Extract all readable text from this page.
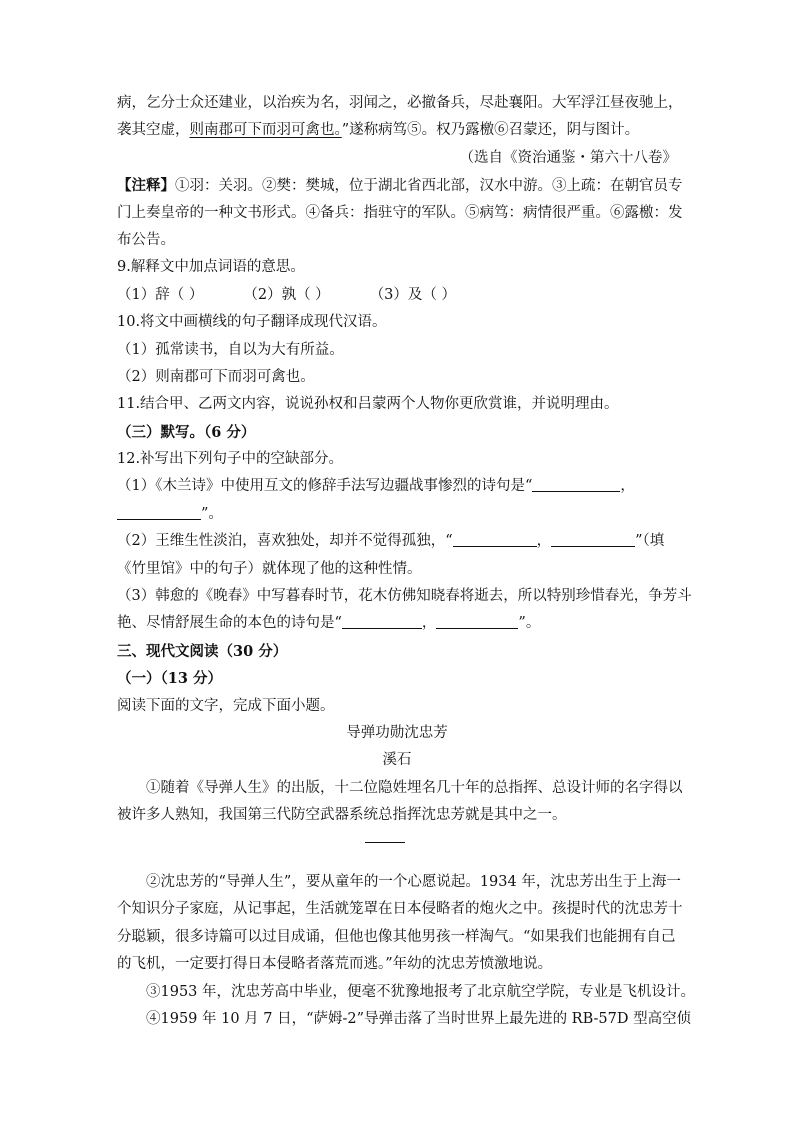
病，乞分士众还建业，以治疾为名，羽闻之，必撤备兵，尽赴襄阳。大军浮江昼夜驰上，
袭其空虚，则南郡可下而羽可禽也。”遂称病笃⑤。权乃露檄⑥召蒙还，阴与图计。
（选自《资治通鉴・第六十八卷》
【注释】①羽：关羽。②樊：樊城，位于湖北省西北部，汉水中游。③上疏：在朝官员专
门上奏皇帝的一种文书形式。④备兵：指驻守的军队。⑤病笃：病情很严重。⑥露檄：发
布公告。
9.解释文中加点词语的意思。
（1）辞（ ）	（2）孰（ ）	（3）及（ ）
10.将文中画横线的句子翻译成现代汉语。
（1）孤常读书，自以为大有所益。
（2）则南郡可下而羽可禽也。
11.结合甲、乙两文内容，说说孙权和吕蒙两个人物你更欣赏谁，并说明理由。
（三）默写。（6 分）
12.补写出下列句子中的空缺部分。
（1）《木兰诗》中使用互文的修辞手法写边疆战事惨烈的诗句是“	，
”。
（2）王维生性淡泊，喜欢独处，却并不觉得孤独，“	，	”（填
《竹里馆》中的句子）就体现了他的这种性情。
（3）韩愈的《晚春》中写暮春时节，花木仿佛知晓春将逝去，所以特别珍惜春光，争芳斗
艳、尽情舒展生命的本色的诗句是“	，	”。
三、现代文阅读（30 分）
（一）（13 分）
阅读下面的文字，完成下面小题。
导弹功勋沈忠芳
溪石
①随着《导弹人生》的出版，十二位隐姓埋名几十年的总指挥、总设计师的名字得以
被许多人熟知，我国第三代防空武器系统总指挥沈忠芳就是其中之一。
②沈忠芳的“导弹人生”，要从童年的一个心愿说起。1934 年，沈忠芳出生于上海一
个知识分子家庭，从记事起，生活就笼罩在日本侵略者的炮火之中。孩提时代的沈忠芳十
分聪颖，很多诗篇可以过目成诵，但他也像其他男孩一样淘气。“如果我们也能拥有自己
的飞机，一定要打得日本侵略者落荒而逃。”年幼的沈忠芳愤激地说。
③1953 年，沈忠芳高中毕业，便毫不犹豫地报考了北京航空学院，专业是飞机设计。
④1959 年 10 月 7 日，“萨姆-2”导弹击落了当时世界上最先进的 RB-57D 型高空侦
